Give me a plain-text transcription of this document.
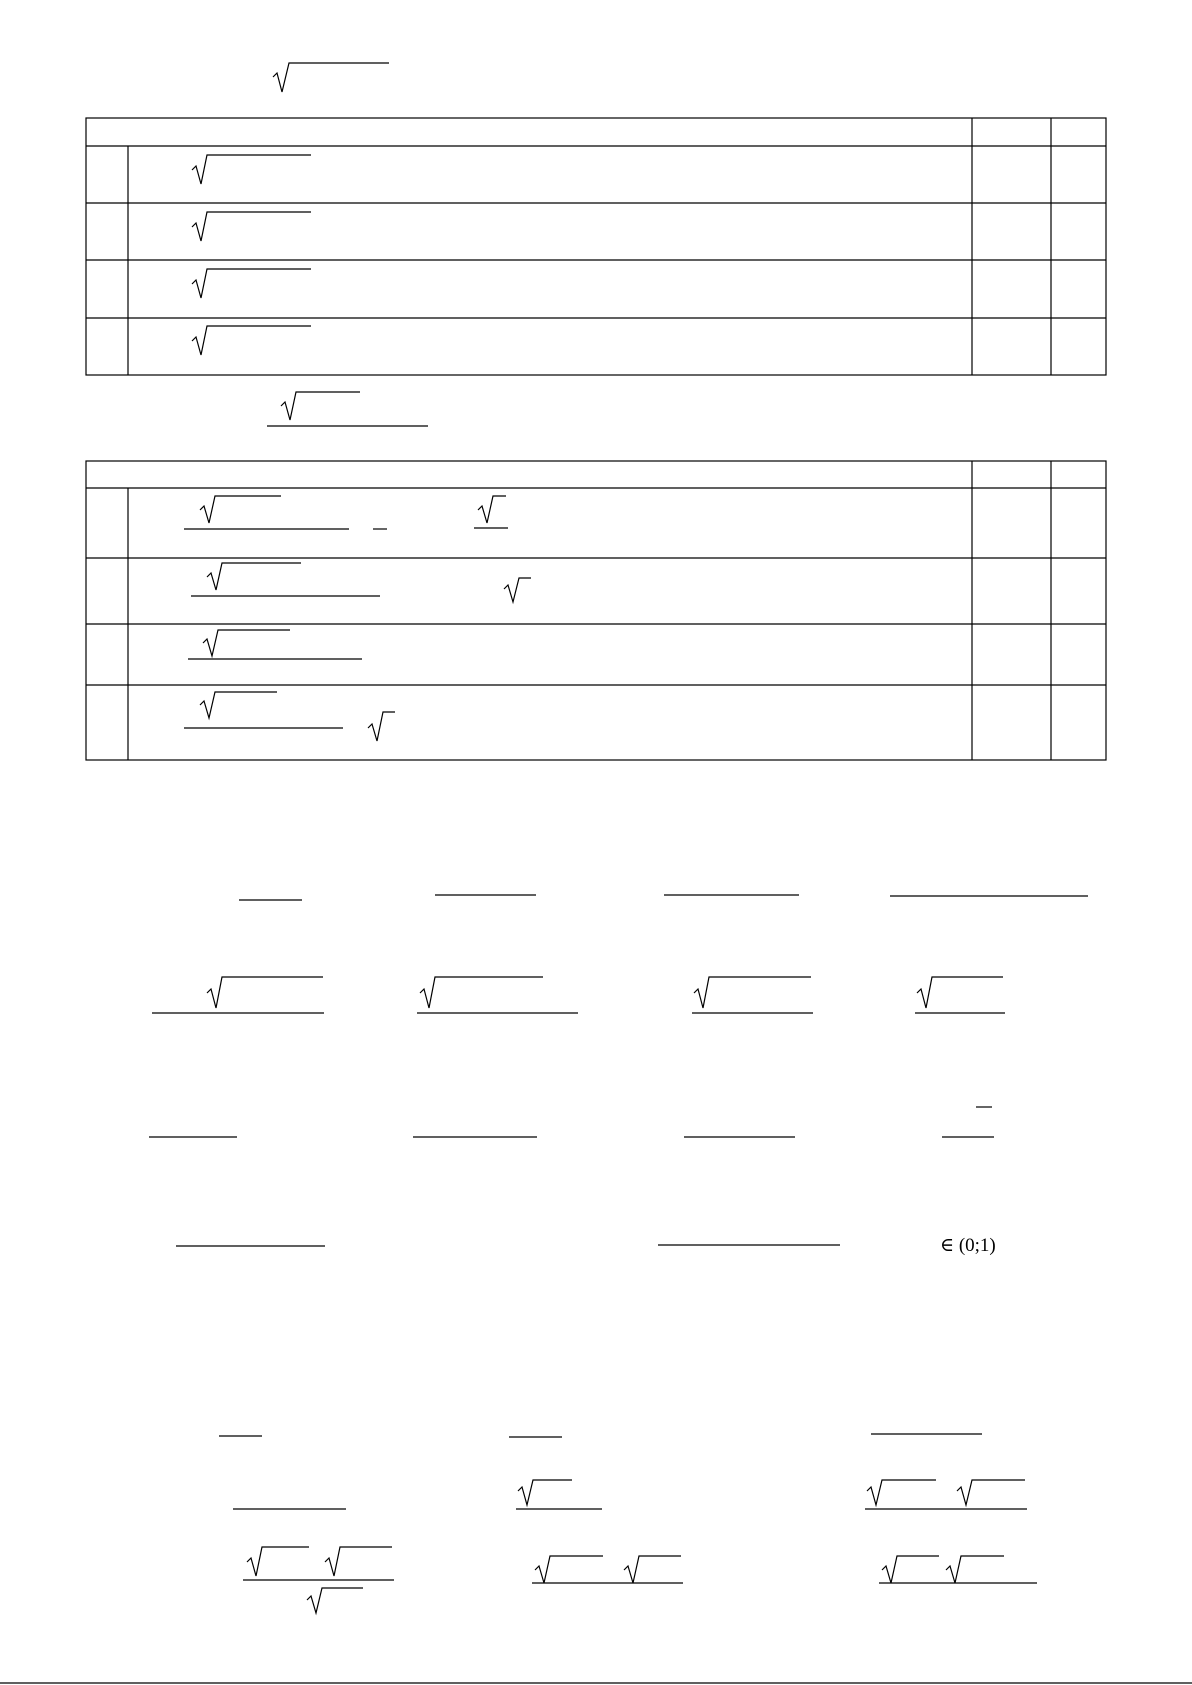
∈ (0;1)
